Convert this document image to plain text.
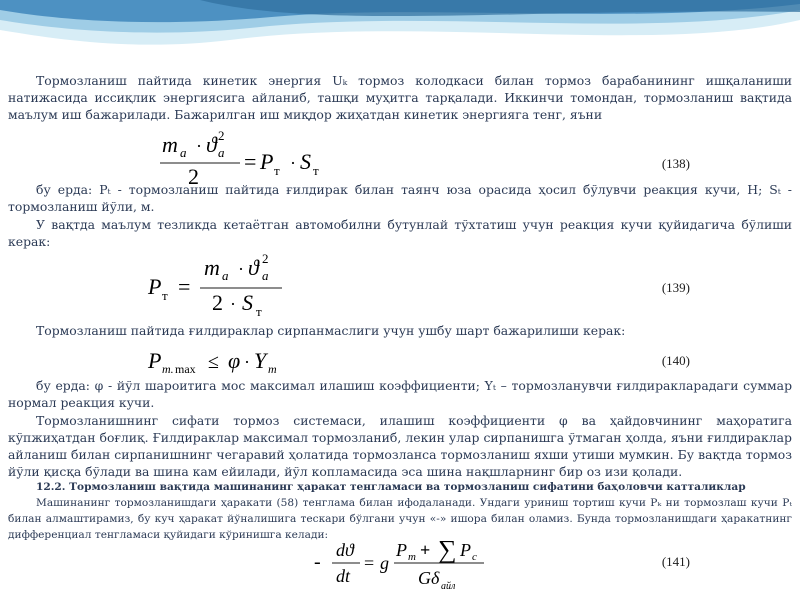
Тормозланиш пайтида кинетик энергия Uₖ тормоз колодкаси билан тормоз барабанининг ишқаланиши натижасида иссиқлик энергиясига айланиб, ташқи муҳитга тарқалади. Иккинчи томондан, тормозланиш вақтида маълум иш бажарилади. Бажарилган иш миқдор жиҳатдан кинетик энергияга тенг, яъни

m a · ϑ a
2
2
= P т · S т	(138)

бу ерда: Pₜ - тормозланиш пайтида ғилдирак билан таянч юза орасида ҳосил бўлувчи реакция кучи, Н; Sₜ - тормозланиш йўли, м.

У вақтда маълум тезликда кетаётган автомобилни бутунлай тўхтатиш учун реакция кучи қуйидагича бўлиши керак:

P т =
m a · ϑ a
2
2 · S т
(139)

Тормозланиш пайтида ғилдираклар сирпанмаслиги учун ушбу шарт бажарилиши керак:

P m. max ≤ φ · Y m
(140)

бу ерда: φ - йўл шароитига мос максимал илашиш коэффициенти; Yₜ – тормозланувчи ғилдиракларадаги суммар нормал реакция кучи.

Тормозланишнинг сифати тормоз системаси, илашиш коэффициенти φ ва ҳайдовчининг маҳоратига кўпжиҳатдан боғлиқ. Ғилдираклар максимал тормозланиб, лекин улар сирпанишга ўтмаган ҳолда, яъни ғилдираклар айланиш билан сирпанишнинг чегаравий ҳолатида тормозланса тормозланиш яхши утиши мумкин. Бу вақтда тормоз йўли қисқа бўлади ва шина кам ейилади, йўл копламасида эса шина нақшларнинг бир оз изи қолади.

12.2. Тормозланиш вақтида машинанинг ҳаракат тенгламаси ва тормозланиш сифатини баҳоловчи катталиклар

Машинанинг тормозланишдаги ҳаракати (58) тенглама билан ифодаланади. Ундаги уриниш тортиш кучи Pₖ ни тормозлаш кучи Pₜ билан алмаштирамиз, бу куч ҳаракат йўналишига тескари бўлгани учун «-» ишора билан оламиз. Бунда тормозланишдаги ҳаракатнинг дифференциал тенгламаси қуйидаги кўринишга келади:

-
dϑ
dt
= g
P m + ∑ P c
G δ айл
(141)
